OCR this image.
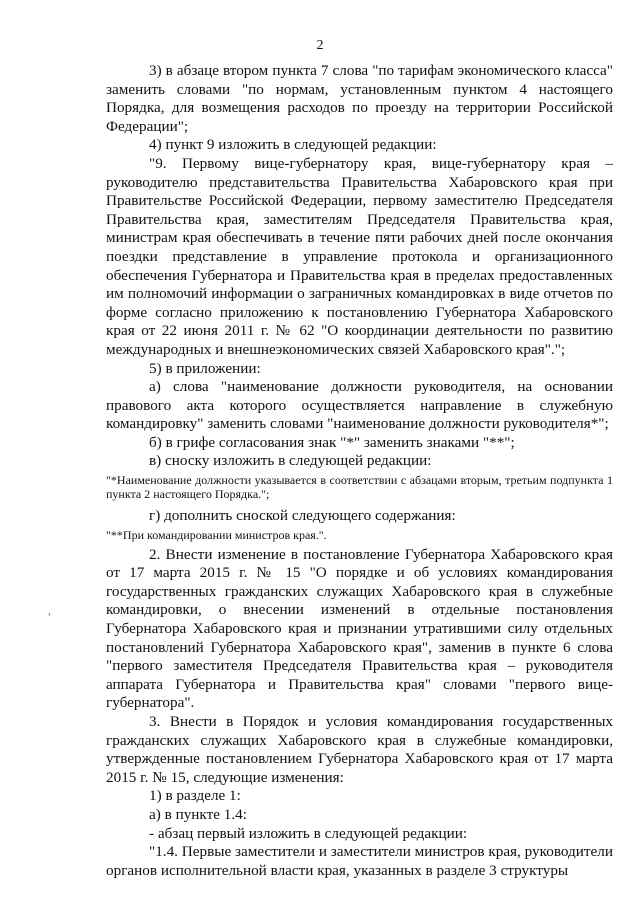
2

3) в абзаце втором пункта 7 слова "по тарифам экономического класса" заменить словами "по нормам, установленным пунктом 4 настоящего Порядка, для возмещения расходов по проезду на территории Российской Федерации";

4) пункт 9 изложить в следующей редакции:

"9. Первому вице-губернатору края, вице-губернатору края – руководителю представительства Правительства Хабаровского края при Правительстве Российской Федерации, первому заместителю Председателя Правительства края, заместителям Председателя Правительства края, министрам края обеспечивать в течение пяти рабочих дней после окончания поездки представление в управление протокола и организационного обеспечения Губернатора и Правительства края в пределах предоставленных им полномочий информации о заграничных командировках в виде отчетов по форме согласно приложению к постановлению Губернатора Хабаровского края от 22 июня 2011 г. № 62 "О координации деятельности по развитию международных и внешнеэкономических связей Хабаровского края".";

5) в приложении:

а) слова "наименование должности руководителя, на основании правового акта которого осуществляется направление в служебную командировку" заменить словами "наименование должности руководителя*";

б) в грифе согласования знак "*" заменить знаками "**";

в) сноску изложить в следующей редакции:

"*Наименование должности указывается в соответствии с абзацами вторым, третьим подпункта 1 пункта 2 настоящего Порядка.";

г) дополнить сноской следующего содержания:

"**При командировании министров края.".

2. Внести изменение в постановление Губернатора Хабаровского края от 17 марта 2015 г. № 15 "О порядке и об условиях командирования государственных гражданских служащих Хабаровского края в служебные командировки, о внесении изменений в отдельные постановления Губернатора Хабаровского края и признании утратившими силу отдельных постановлений Губернатора Хабаровского края", заменив в пункте 6 слова "первого заместителя Председателя Правительства края – руководителя аппарата Губернатора и Правительства края" словами "первого вице-губернатора".

3. Внести в Порядок и условия командирования государственных гражданских служащих Хабаровского края в служебные командировки, утвержденные постановлением Губернатора Хабаровского края от 17 марта 2015 г. № 15, следующие изменения:

1) в разделе 1:

а) в пункте 1.4:

- абзац первый изложить в следующей редакции:

"1.4. Первые заместители и заместители министров края, руководители органов исполнительной власти края, указанных в разделе 3 структуры

,
